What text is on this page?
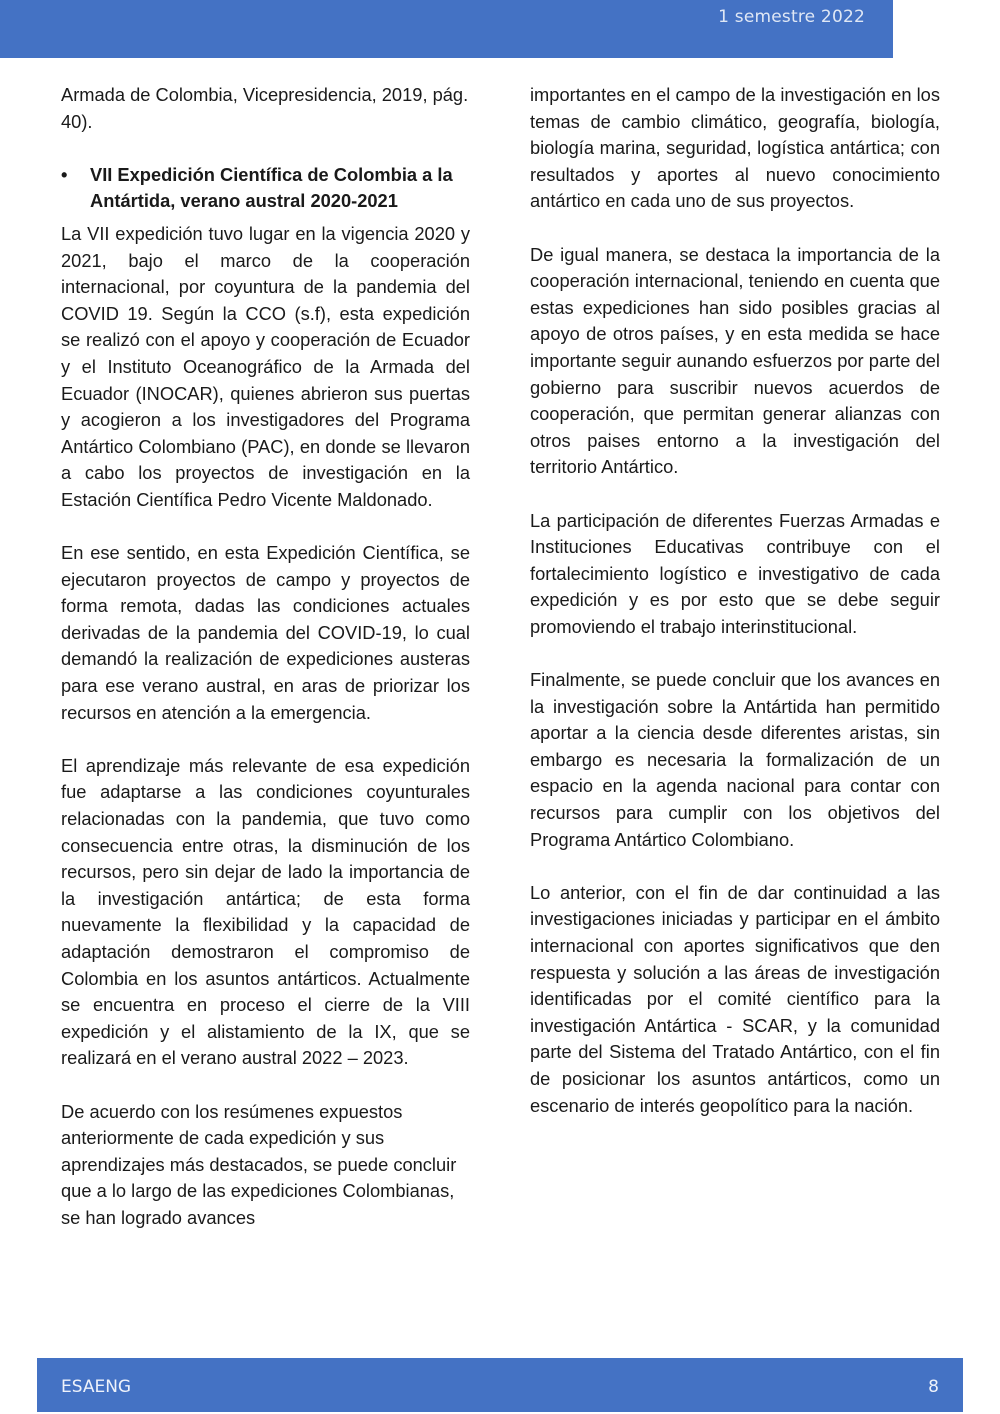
1 semestre 2022

Armada de Colombia, Vicepresidencia, 2019, pág. 40).

•
VII Expedición Científica de Colombia a la Antártida, verano austral 2020-2021

La VII expedición tuvo lugar en la vigencia 2020 y 2021, bajo el marco de la cooperación internacional, por coyuntura de la pandemia del COVID 19. Según la CCO (s.f), esta expedición se realizó con el apoyo y cooperación de Ecuador y el Instituto Oceanográfico de la Armada del Ecuador (INOCAR), quienes abrieron sus puertas y acogieron a los investigadores del Programa Antártico Colombiano (PAC), en donde se llevaron a cabo los proyectos de investigación en la Estación Científica Pedro Vicente Maldonado.

En ese sentido, en esta Expedición Científica, se ejecutaron proyectos de campo y proyectos de forma remota, dadas las condiciones actuales derivadas de la pandemia del COVID-19, lo cual demandó la realización de expediciones austeras para ese verano austral, en aras de priorizar los recursos en atención a la emergencia.

El aprendizaje más relevante de esa expedición fue adaptarse a las condiciones coyunturales relacionadas con la pandemia, que tuvo como consecuencia entre otras, la disminución de los recursos, pero sin dejar de lado la importancia de la investigación antártica; de esta forma nuevamente la flexibilidad y la capacidad de adaptación demostraron el compromiso de Colombia en los asuntos antárticos. Actualmente se encuentra en proceso el cierre de la VIII expedición y el alistamiento de la IX, que se realizará en el verano austral 2022 – 2023.

De acuerdo con los resúmenes expuestos anteriormente de cada expedición y sus aprendizajes más destacados, se puede concluir que a lo largo de las expediciones Colombianas, se han logrado avances

importantes en el campo de la investigación en los temas de cambio climático, geografía, biología, biología marina, seguridad, logística antártica; con resultados y aportes al nuevo conocimiento antártico en cada uno de sus proyectos.

De igual manera, se destaca la importancia de la cooperación internacional, teniendo en cuenta que estas expediciones han sido posibles gracias al apoyo de otros países, y en esta medida se hace importante seguir aunando esfuerzos por parte del gobierno para suscribir nuevos acuerdos de cooperación, que permitan generar alianzas con otros paises entorno a la investigación del territorio Antártico.

La participación de diferentes Fuerzas Armadas e Instituciones Educativas contribuye con el fortalecimiento logístico e investigativo de cada expedición y es por esto que se debe seguir promoviendo el trabajo interinstitucional.

Finalmente, se puede concluir que los avances en la investigación sobre la Antártida han permitido aportar a la ciencia desde diferentes aristas, sin embargo es necesaria la formalización de un espacio en la agenda nacional para contar con recursos para cumplir con los objetivos del Programa Antártico Colombiano.

Lo anterior, con el fin de dar continuidad a las investigaciones iniciadas y participar en el ámbito internacional con aportes significativos que den respuesta y solución a las áreas de investigación identificadas por el comité científico para la investigación Antártica - SCAR, y la comunidad parte del Sistema del Tratado Antártico, con el fin de posicionar los asuntos antárticos, como un escenario de interés geopolítico para la nación.

ESAENG	8
